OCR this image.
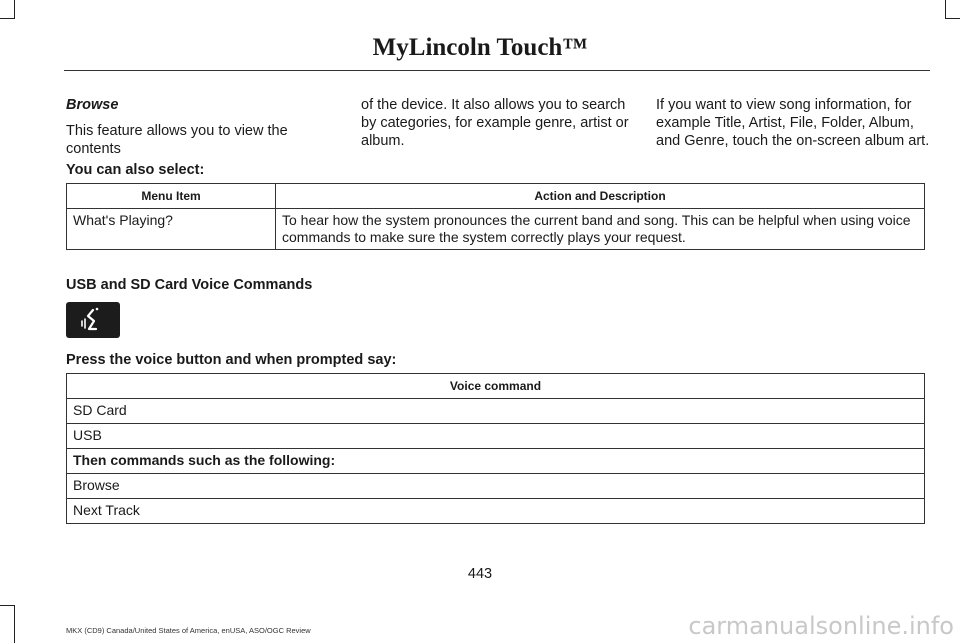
MyLincoln Touch™

Browse

This feature allows you to view the contents

of the device. It also allows you to search by categories, for example genre, artist or album.

If you want to view song information, for example Title, Artist, File, Folder, Album, and Genre, touch the on-screen album art.

You can also select:
Menu Item	Action and Description
What's Playing?	To hear how the system pronounces the current band and song. This can be helpful when using voice commands to make sure the system correctly plays your request.
USB and SD Card Voice Commands
Press the voice button and when prompted say:
Voice command
SD Card
USB
Then commands such as the following:
Browse
Next Track
443
MKX (CD9) Canada/United States of America, enUSA, ASO/OGC Review	carmanualsonline.info
